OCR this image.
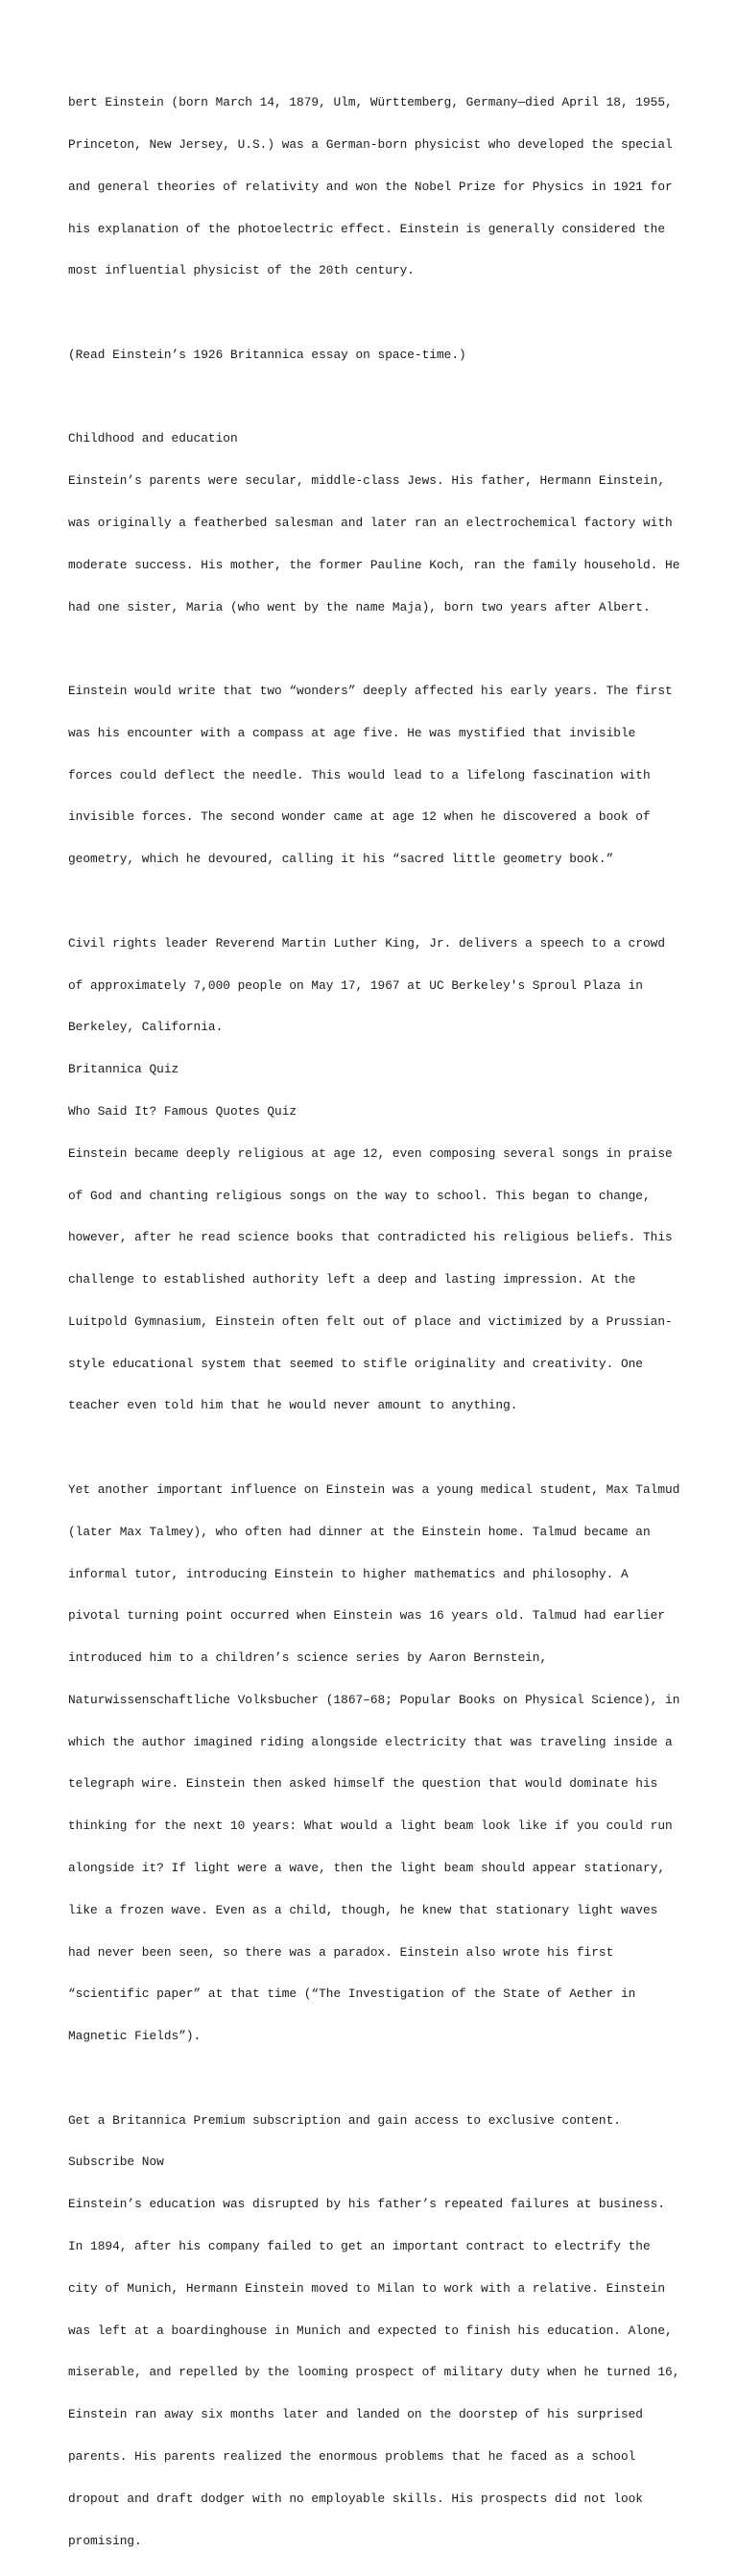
bert Einstein (born March 14, 1879, Ulm, Württemberg, Germany—died April 18, 1955,

Princeton, New Jersey, U.S.) was a German-born physicist who developed the special

and general theories of relativity and won the Nobel Prize for Physics in 1921 for

his explanation of the photoelectric effect. Einstein is generally considered the

most influential physicist of the 20th century.

(Read Einstein’s 1926 Britannica essay on space-time.)

Childhood and education

Einstein’s parents were secular, middle-class Jews. His father, Hermann Einstein,

was originally a featherbed salesman and later ran an electrochemical factory with

moderate success. His mother, the former Pauline Koch, ran the family household. He

had one sister, Maria (who went by the name Maja), born two years after Albert.

Einstein would write that two “wonders” deeply affected his early years. The first

was his encounter with a compass at age five. He was mystified that invisible

forces could deflect the needle. This would lead to a lifelong fascination with

invisible forces. The second wonder came at age 12 when he discovered a book of

geometry, which he devoured, calling it his “sacred little geometry book.”

Civil rights leader Reverend Martin Luther King, Jr. delivers a speech to a crowd

of approximately 7,000 people on May 17, 1967 at UC Berkeley's Sproul Plaza in

Berkeley, California.

Britannica Quiz

Who Said It? Famous Quotes Quiz

Einstein became deeply religious at age 12, even composing several songs in praise

of God and chanting religious songs on the way to school. This began to change,

however, after he read science books that contradicted his religious beliefs. This

challenge to established authority left a deep and lasting impression. At the

Luitpold Gymnasium, Einstein often felt out of place and victimized by a Prussian-

style educational system that seemed to stifle originality and creativity. One

teacher even told him that he would never amount to anything.

Yet another important influence on Einstein was a young medical student, Max Talmud

(later Max Talmey), who often had dinner at the Einstein home. Talmud became an

informal tutor, introducing Einstein to higher mathematics and philosophy. A

pivotal turning point occurred when Einstein was 16 years old. Talmud had earlier

introduced him to a children’s science series by Aaron Bernstein,

Naturwissenschaftliche Volksbucher (1867–68; Popular Books on Physical Science), in

which the author imagined riding alongside electricity that was traveling inside a

telegraph wire. Einstein then asked himself the question that would dominate his

thinking for the next 10 years: What would a light beam look like if you could run

alongside it? If light were a wave, then the light beam should appear stationary,

like a frozen wave. Even as a child, though, he knew that stationary light waves

had never been seen, so there was a paradox. Einstein also wrote his first

“scientific paper” at that time (“The Investigation of the State of Aether in

Magnetic Fields”).

Get a Britannica Premium subscription and gain access to exclusive content.

Subscribe Now

Einstein’s education was disrupted by his father’s repeated failures at business.

In 1894, after his company failed to get an important contract to electrify the

city of Munich, Hermann Einstein moved to Milan to work with a relative. Einstein

was left at a boardinghouse in Munich and expected to finish his education. Alone,

miserable, and repelled by the looming prospect of military duty when he turned 16,

Einstein ran away six months later and landed on the doorstep of his surprised

parents. His parents realized the enormous problems that he faced as a school

dropout and draft dodger with no employable skills. His prospects did not look

promising.
